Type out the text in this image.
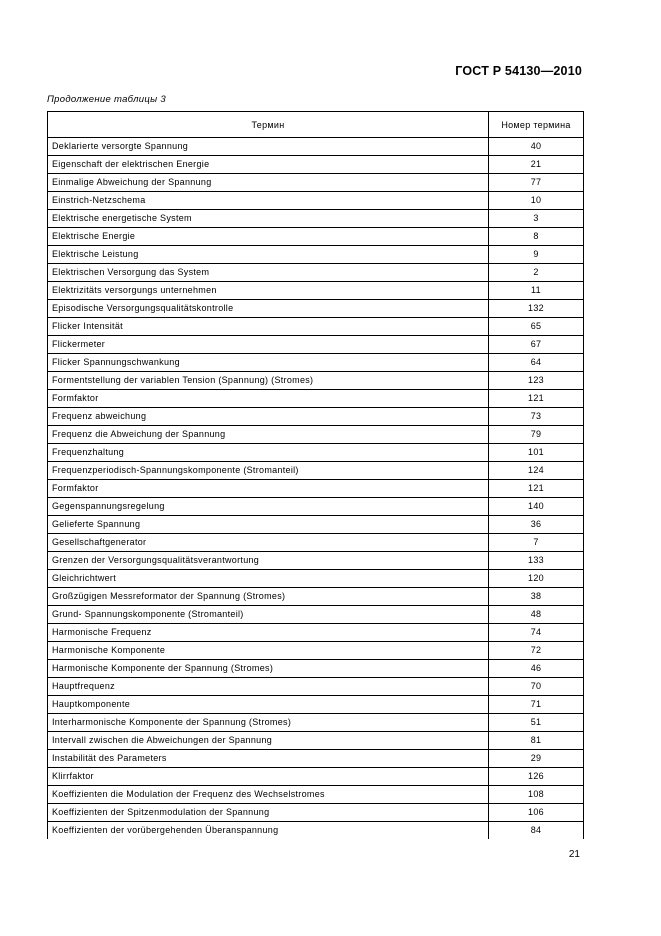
ГОСТ Р 54130—2010
Продолжение таблицы 3
Термин	Номер термина
Deklarierte versorgte Spannung	40
Eigenschaft der elektrischen Energie	21
Einmalige Abweichung der Spannung	77
Einstrich-Netzschema	10
Elektrische energetische System	3
Elektrische Energie	8
Elektrische Leistung	9
Elektrischen Versorgung das System	2
Elektrizitäts versorgungs unternehmen	11
Episodische Versorgungsqualitätskontrolle	132
Flicker Intensität	65
Flickermeter	67
Flicker Spannungschwankung	64
Formentstellung der variablen Tension (Spannung) (Stromes)	123
Formfaktor	121
Frequenz abweichung	73
Frequenz die Abweichung der Spannung	79
Frequenzhaltung	101
Frequenzperiodisch-Spannungskomponente (Stromanteil)	124
Formfaktor	121
Gegenspannungsregelung	140
Gelieferte Spannung	36
Gesellschaftgenerator	7
Grenzen der Versorgungsqualitätsverantwortung	133
Gleichrichtwert	120
Großzügigen Messreformator der Spannung (Stromes)	38
Grund- Spannungskomponente (Stromanteil)	48
Harmonische Frequenz	74
Harmonische Komponente	72
Harmonische Komponente der Spannung (Stromes)	46
Hauptfrequenz	70
Hauptkomponente	71
Interharmonische Komponente der Spannung (Stromes)	51
Intervall zwischen die Abweichungen der Spannung	81
Instabilität des Parameters	29
Klirrfaktor	126
Koeffizienten die Modulation der Frequenz des Wechselstromes	108
Koeffizienten der Spitzenmodulation der Spannung	106
Koeffizienten der vorübergehenden Überanspannung	84
21
